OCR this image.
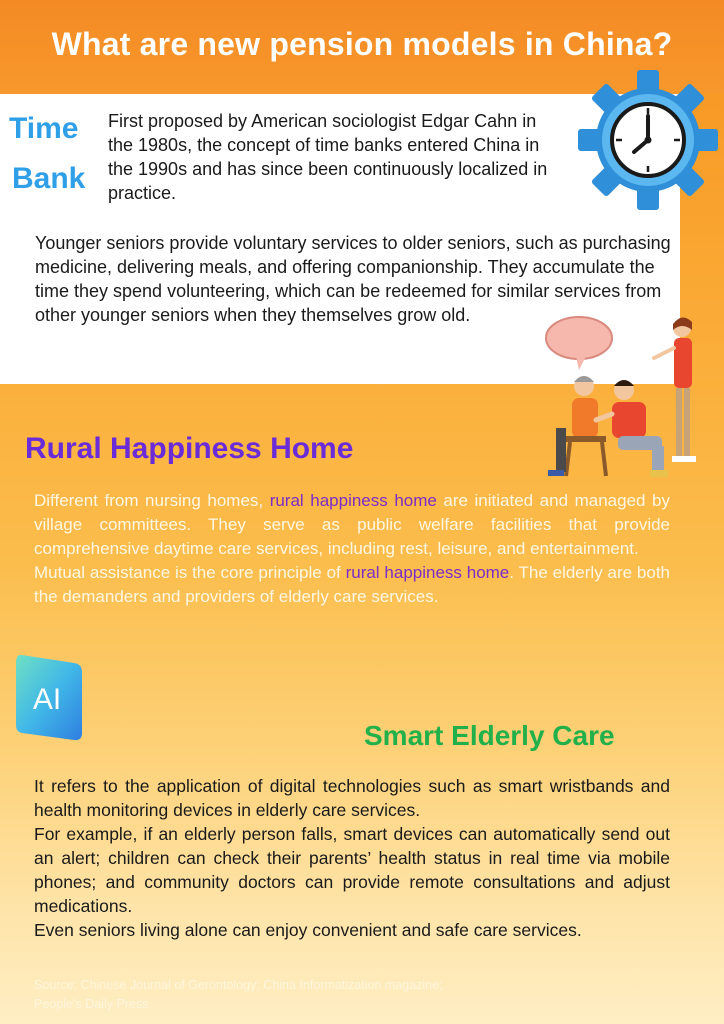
What are new pension models in China?
Time
Bank
First proposed by American sociologist Edgar Cahn in the 1980s, the concept of time banks entered China in the 1990s and has since been continuously localized in practice.
Younger seniors provide voluntary services to older seniors, such as purchasing medicine, delivering meals, and offering companionship. They accumulate the time they spend volunteering, which can be redeemed for similar services from other younger seniors when they themselves grow old.
Rural Happiness Home

Different from nursing homes, rural happiness home are initiated and managed by village committees. They serve as public welfare facilities that provide comprehensive daytime care services, including rest, leisure, and entertainment.

Mutual assistance is the core principle of rural happiness home. The elderly are both the demanders and providers of elderly care services.

AI
Smart Elderly Care

It refers to the application of digital technologies such as smart wristbands and health monitoring devices in elderly care services.

For example, if an elderly person falls, smart devices can automatically send out an alert; children can check their parents’ health status in real time via mobile phones; and community doctors can provide remote consultations and adjust medications.

Even seniors living alone can enjoy convenient and safe care services.

Source: Chinese Journal of Gerontology; China Informatization magazine;
People’s Daily Press
